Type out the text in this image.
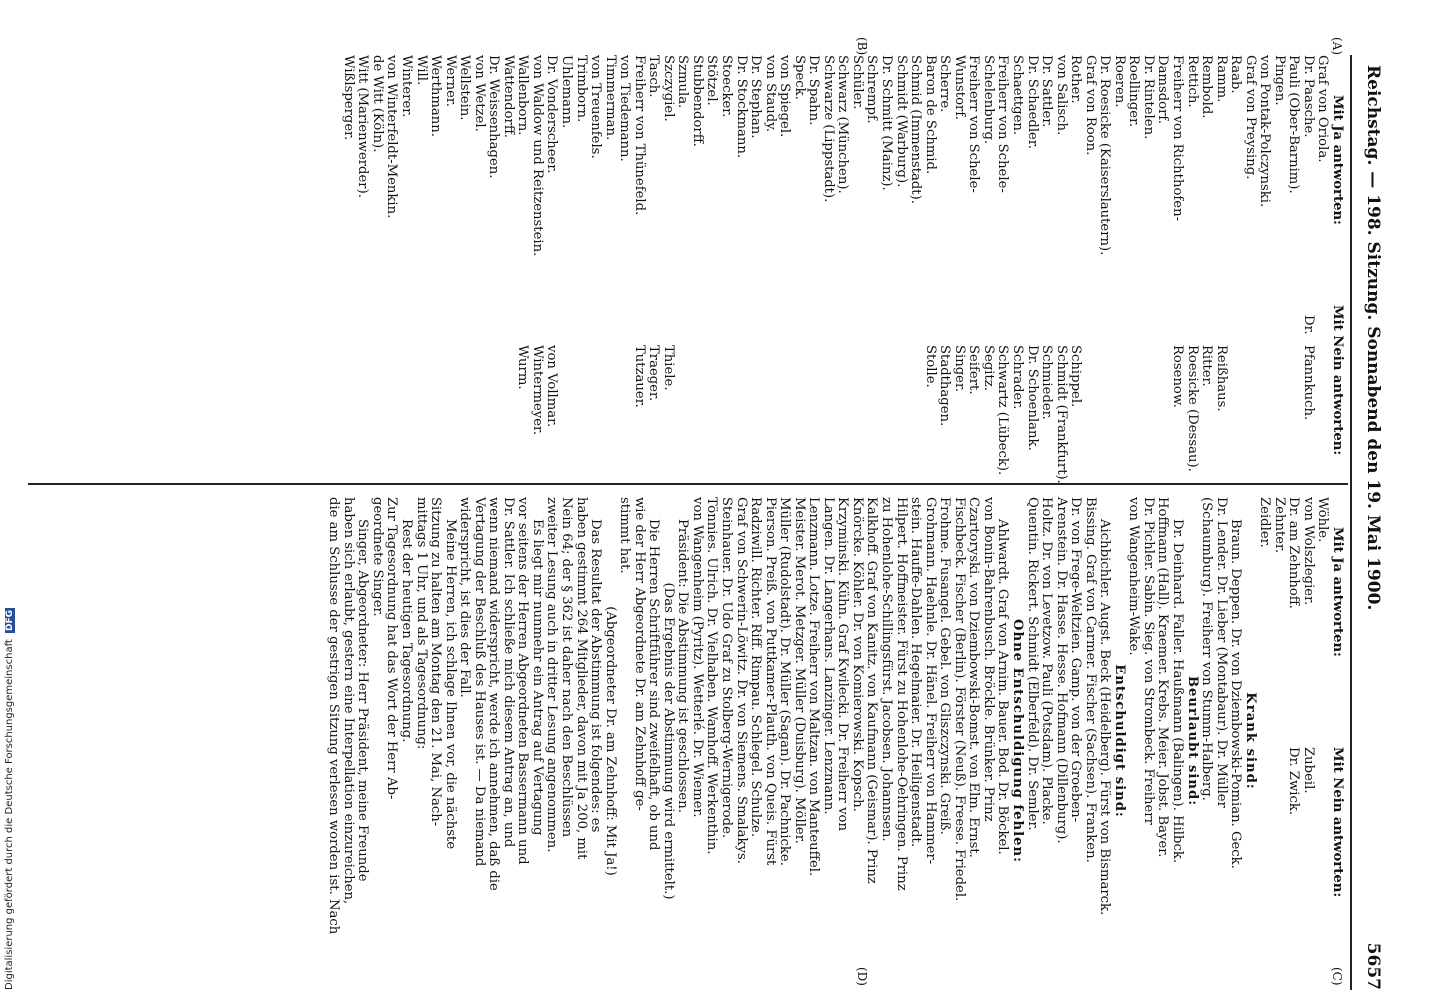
Digitalisierung gefördert durch die Deutsche Forschungsgemeinschaft DFG
Reichstag. — 198. Sitzung. Sonnabend den 19. Mai 1900.
5657
(A)
(B)
Mit Ja antworten:
Mit Nein antworten:
Graf von Oriola.
Dr. Paasche.
Dr.
Pfannkuch.
Pauli (Ober-Barnim).
Pingen.
von Pontak-Polczynski.
Graf von Preysing.
Raab.
Ramm.
Reißhaus.
Rembold.
Ritter.
Rettich.
Roesicke (Dessau).
Freiherr von Richthofen-
Rosenow.
Damsdorf.
Dr. Rintelen.
Roellinger.
Roeren.
Dr. Roesicke (Kaiserslautern).
Graf von Roon.
Rother.
Schippel.
von Salisch.
Schmidt (Frankfurt).
Dr. Sattler.
Schmieder.
Dr. Schaedler.
Dr. Schoenlank.
Schaettgen.
Schrader.
Freiherr von Schele-
Schwartz (Lübeck).
Schelenburg.
Segitz.
Freiherr von Schele-
Seifert.
Wunstorf.
Singer.
Scherre.
Stadthagen.
Baron de Schmid.
Stolle.
Schmid (Immenstadt).
Schmidt (Warburg).
Dr. Schmitt (Mainz).
Schrempf.
Schüler.
Schwarz (München).
Schwarze (Lippstadt).
Dr. Spahn.
Speck.
von Spiegel.
von Staudy.
Dr. Stephan.
Dr. Stockmann.
Stoecker.
Stötzel.
Stubbendorff.
Szmula.
Szczygiel.
Thiele.
Tasch.
Traeger.
Freiherr von Thünefeld.
Tutzauer.
von Tiedemann.
Timmerman.
von Treuenfels.
Trimborn.
Uhlemann.
Dr. Vonderscheer.
von Vollmar.
von Waldow und Reitzenstein.
Wintermeyer.
Wallenborn.
Wurm.
Wattendorff.
Dr. Weissenhagen.
von Wetzel.
Wellstein.
Werner.
Werthmann.
Will.
Winterer.
von Winterfeldt-Menkin.
de Witt (Köln).
Witt (Marienwerder).
Wißlsperger.
(C)
(D)
Mit Ja antworten:
Mit Nein antworten:
Wöhle.
von Wolszlegier.
Zubeil.
Dr. am Zehnhoff.
Dr. Zwick.
Zehnter.
Zeidler.
Krank sind:
Braun. Deppen. Dr. von Dziembowski-Pomian. Geck.
Dr. Lender. Dr. Lieber (Montabaur). Dr. Müller
(Schaumburg). Freiherr von Stumm-Halberg.
Beurlaubt sind:
Dr. Deinhard. Faller. Haußmann (Balingen). Hilbck.
Hoffmann (Hall). Kraemer. Krebs. Meier. Jobst. Bayer.
Dr. Pichler. Sabin. Sieg. von Strombeck. Freiherr
von Wangenheim-Wake.
Entschuldigt sind:
Aichbichler. Augst. Beck (Heidelberg). Fürst von Bismarck.
Bissing. Graf von Carmer. Fischer (Sachsen). Franken.
Dr. von Frege-Weltzien. Gamp. von der Groeben-
Arenstein. Dr. Hasse. Hesse. Hofmann (Dillenburg).
Holtz. Dr. von Levetzow. Pauli (Potsdam). Placke.
Quentin. Rickert. Schmidt (Elberfeld). Dr. Semler.
Ohne Entschuldigung fehlen:
Ahlwardt. Graf von Arnim. Bauer. Bod. Dr. Böckel.
von Bonin-Bahrenbusch. Bröckle. Brünker. Prinz
Czartoryski. von Dziembowski-Bomst. von Elm. Ernst.
Fischbeck. Fischer (Berlin). Förster (Neuß). Freese. Friedel.
Frohme. Fusangel. Gebel. von Gliszczynski. Greiß.
Grohmann. Haehnle. Dr. Hänel. Freiherr von Hammer-
stein. Hauffe-Dahlen. Hegelmaier. Dr. Heiligenstadt.
Hilpert. Hoffmeister. Fürst zu Hohenlohe-Oehringen. Prinz
zu Hohenlohe-Schillingsfürst. Jacobsen. Johannsen.
Kalkhoff. Graf von Kanitz. von Kaufmann (Geismar). Prinz
Knörcke. Köhler. Dr. von Komierowski. Kopsch.
Krzyminski. Kühn. Graf Kwilecki. Dr. Freiherr von
Langen. Dr. Langerhans. Lanzinger. Lenzmann.
Lenzmann. Lotze. Freiherr von Maltzan. von Manteuffel.
Meister. Merot. Metzger. Müller (Duisburg). Möller.
Müller (Rudolstadt). Dr. Müller (Sagan). Dr. Pachnicke.
Pierson. Preiß. von Puttkamer-Plauth. von Queis. Fürst
Radziwill. Richter. Riff. Rimpau. Schlegel. Schulze.
Graf von Schwerin-Löwitz. Dr. von Siemens. Smalakys.
Steinhauer. Dr. Udo Graf zu Stolberg-Wernigerode.
Tönnies. Ulrich. Dr. Vielhaben. Wamhoff. Werkenthin.
von Wangenheim (Pyritz). Wetterlé. Dr. Wiemer.
Präsident: Die Abstimmung ist geschlossen.
(Das Ergebnis der Abstimmung wird ermittelt.)
Die Herren Schriftführer sind zweifelhaft, ob und
wie der Herr Abgeordnete Dr. am Zehnhoff ge-
stimmt hat.
(Abgeordneter Dr. am Zehnhoff: Mit Ja!)
Das Resultat der Abstimmung ist folgendes: es
haben gestimmt 264 Mitglieder, davon mit Ja 200, mit
Nein 64; der § 362 ist daher nach den Beschlüssen
zweiter Lesung auch in dritter Lesung angenommen.
Es liegt mir nunmehr ein Antrag auf Vertagung
vor seitens der Herren Abgeordneten Bassermann und
Dr. Sattler. Ich schließe mich diesem Antrag an, und
wenn niemand widerspricht, werde ich annehmen, daß die
Vertagung der Beschluß des Hauses ist. — Da niemand
widerspricht, ist dies der Fall.
Meine Herren, ich schlage Ihnen vor, die nächste
Sitzung zu halten am Montag den 21. Mai, Nach-
mittags 1 Uhr, und als Tagesordnung:
Rest der heutigen Tagesordnung.
Zur Tagesordnung hat das Wort der Herr Ab-
geordnete Singer.
Singer, Abgeordneter: Herr Präsident, meine Freunde
haben sich erlaubt, gestern eine Interpellation einzureichen,
die am Schlusse der gestrigen Sitzung verlesen worden ist. Nach
